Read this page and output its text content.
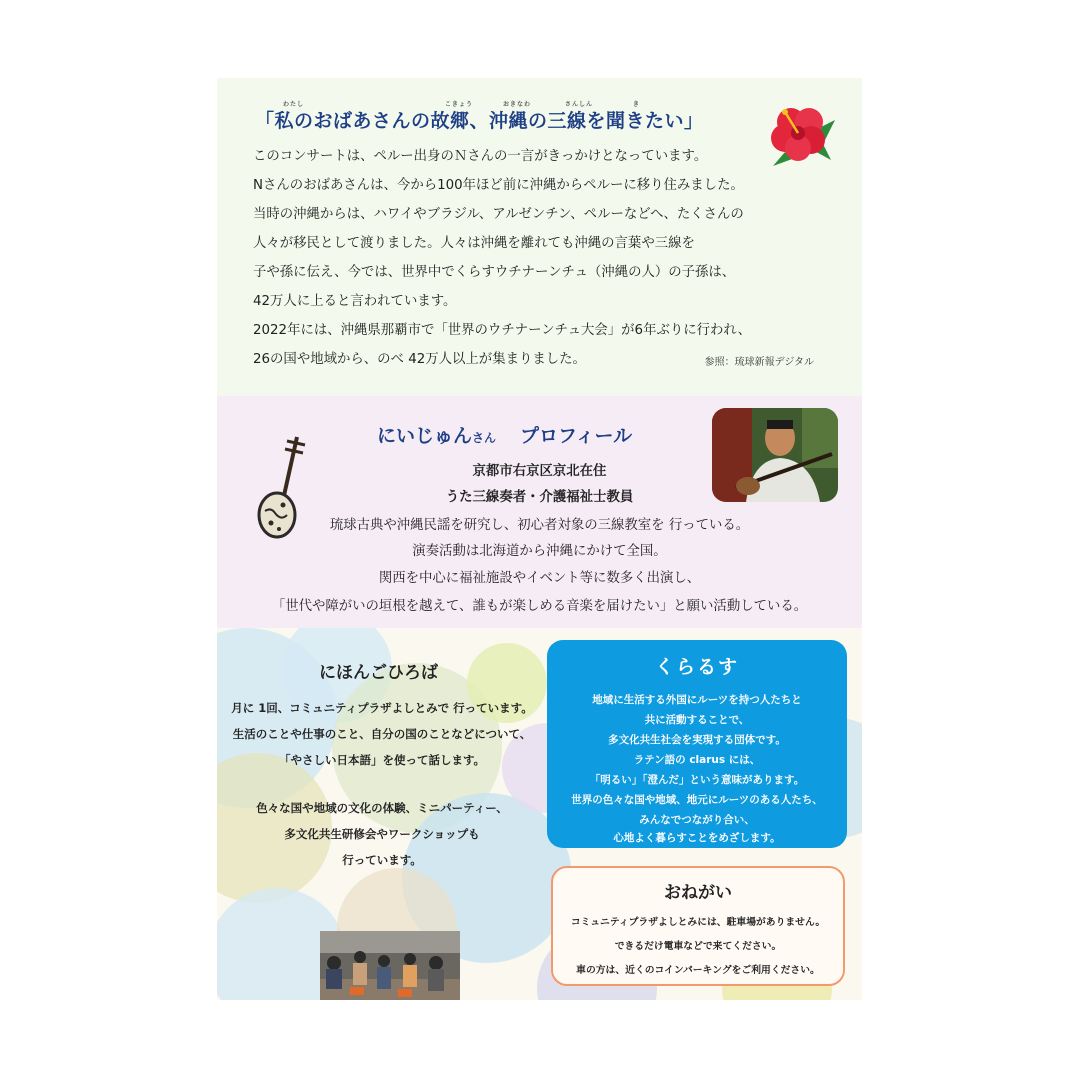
わたし	こきょう	おきなわ	さんしん	き
「私のおばあさんの故郷、沖縄の三線を聞きたい」
このコンサートは、ペルー出身のＮさんの一言がきっかけとなっています。
Nさんのおばあさんは、今から100年ほど前に沖縄からペルーに移り住みました。
当時の沖縄からは、ハワイやブラジル、アルゼンチン、ペルーなどへ、たくさんの
人々が移民として渡りました。人々は沖縄を離れても沖縄の言葉や三線を
子や孫に伝え、今では、世界中でくらすウチナーンチュ（沖縄の人）の子孫は、
42万人に上ると言われています。
2022年には、沖縄県那覇市で「世界のウチナーンチュ大会」が6年ぶりに行われ、
26の国や地域から、のべ 42万人以上が集まりました。	参照：琉球新報デジタル
にいじゅんさん プロフィール
京都市右京区京北在住
うた三線奏者・介護福祉士教員
琉球古典や沖縄民謡を研究し、初心者対象の三線教室を 行っている。
演奏活動は北海道から沖縄にかけて全国。
関西を中心に福祉施設やイベント等に数多く出演し、
「世代や障がいの垣根を越えて、誰もが楽しめる音楽を届けたい」と願い活動している。
にほんごひろば
月に 1回、コミュニティプラザよしとみで 行っています。
生活のことや仕事のこと、自分の国のことなどについて、
「やさしい日本語」を使って話します。
色々な国や地域の文化の体験、ミニパーティー、
多文化共生研修会やワークショップも
行っています。
くらるす
地域に生活する外国にルーツを持つ人たちと
共に活動することで、
多文化共生社会を実現する団体です。
ラテン語の clarus には、
「明るい」「澄んだ」という意味があります。
世界の色々な国や地域、地元にルーツのある人たち、
みんなでつながり合い、
心地よく暮らすことをめざします。
おねがい
コミュニティプラザよしとみには、駐車場がありません。
できるだけ電車などで来てください。
車の方は、近くのコインパーキングをご利用ください。
